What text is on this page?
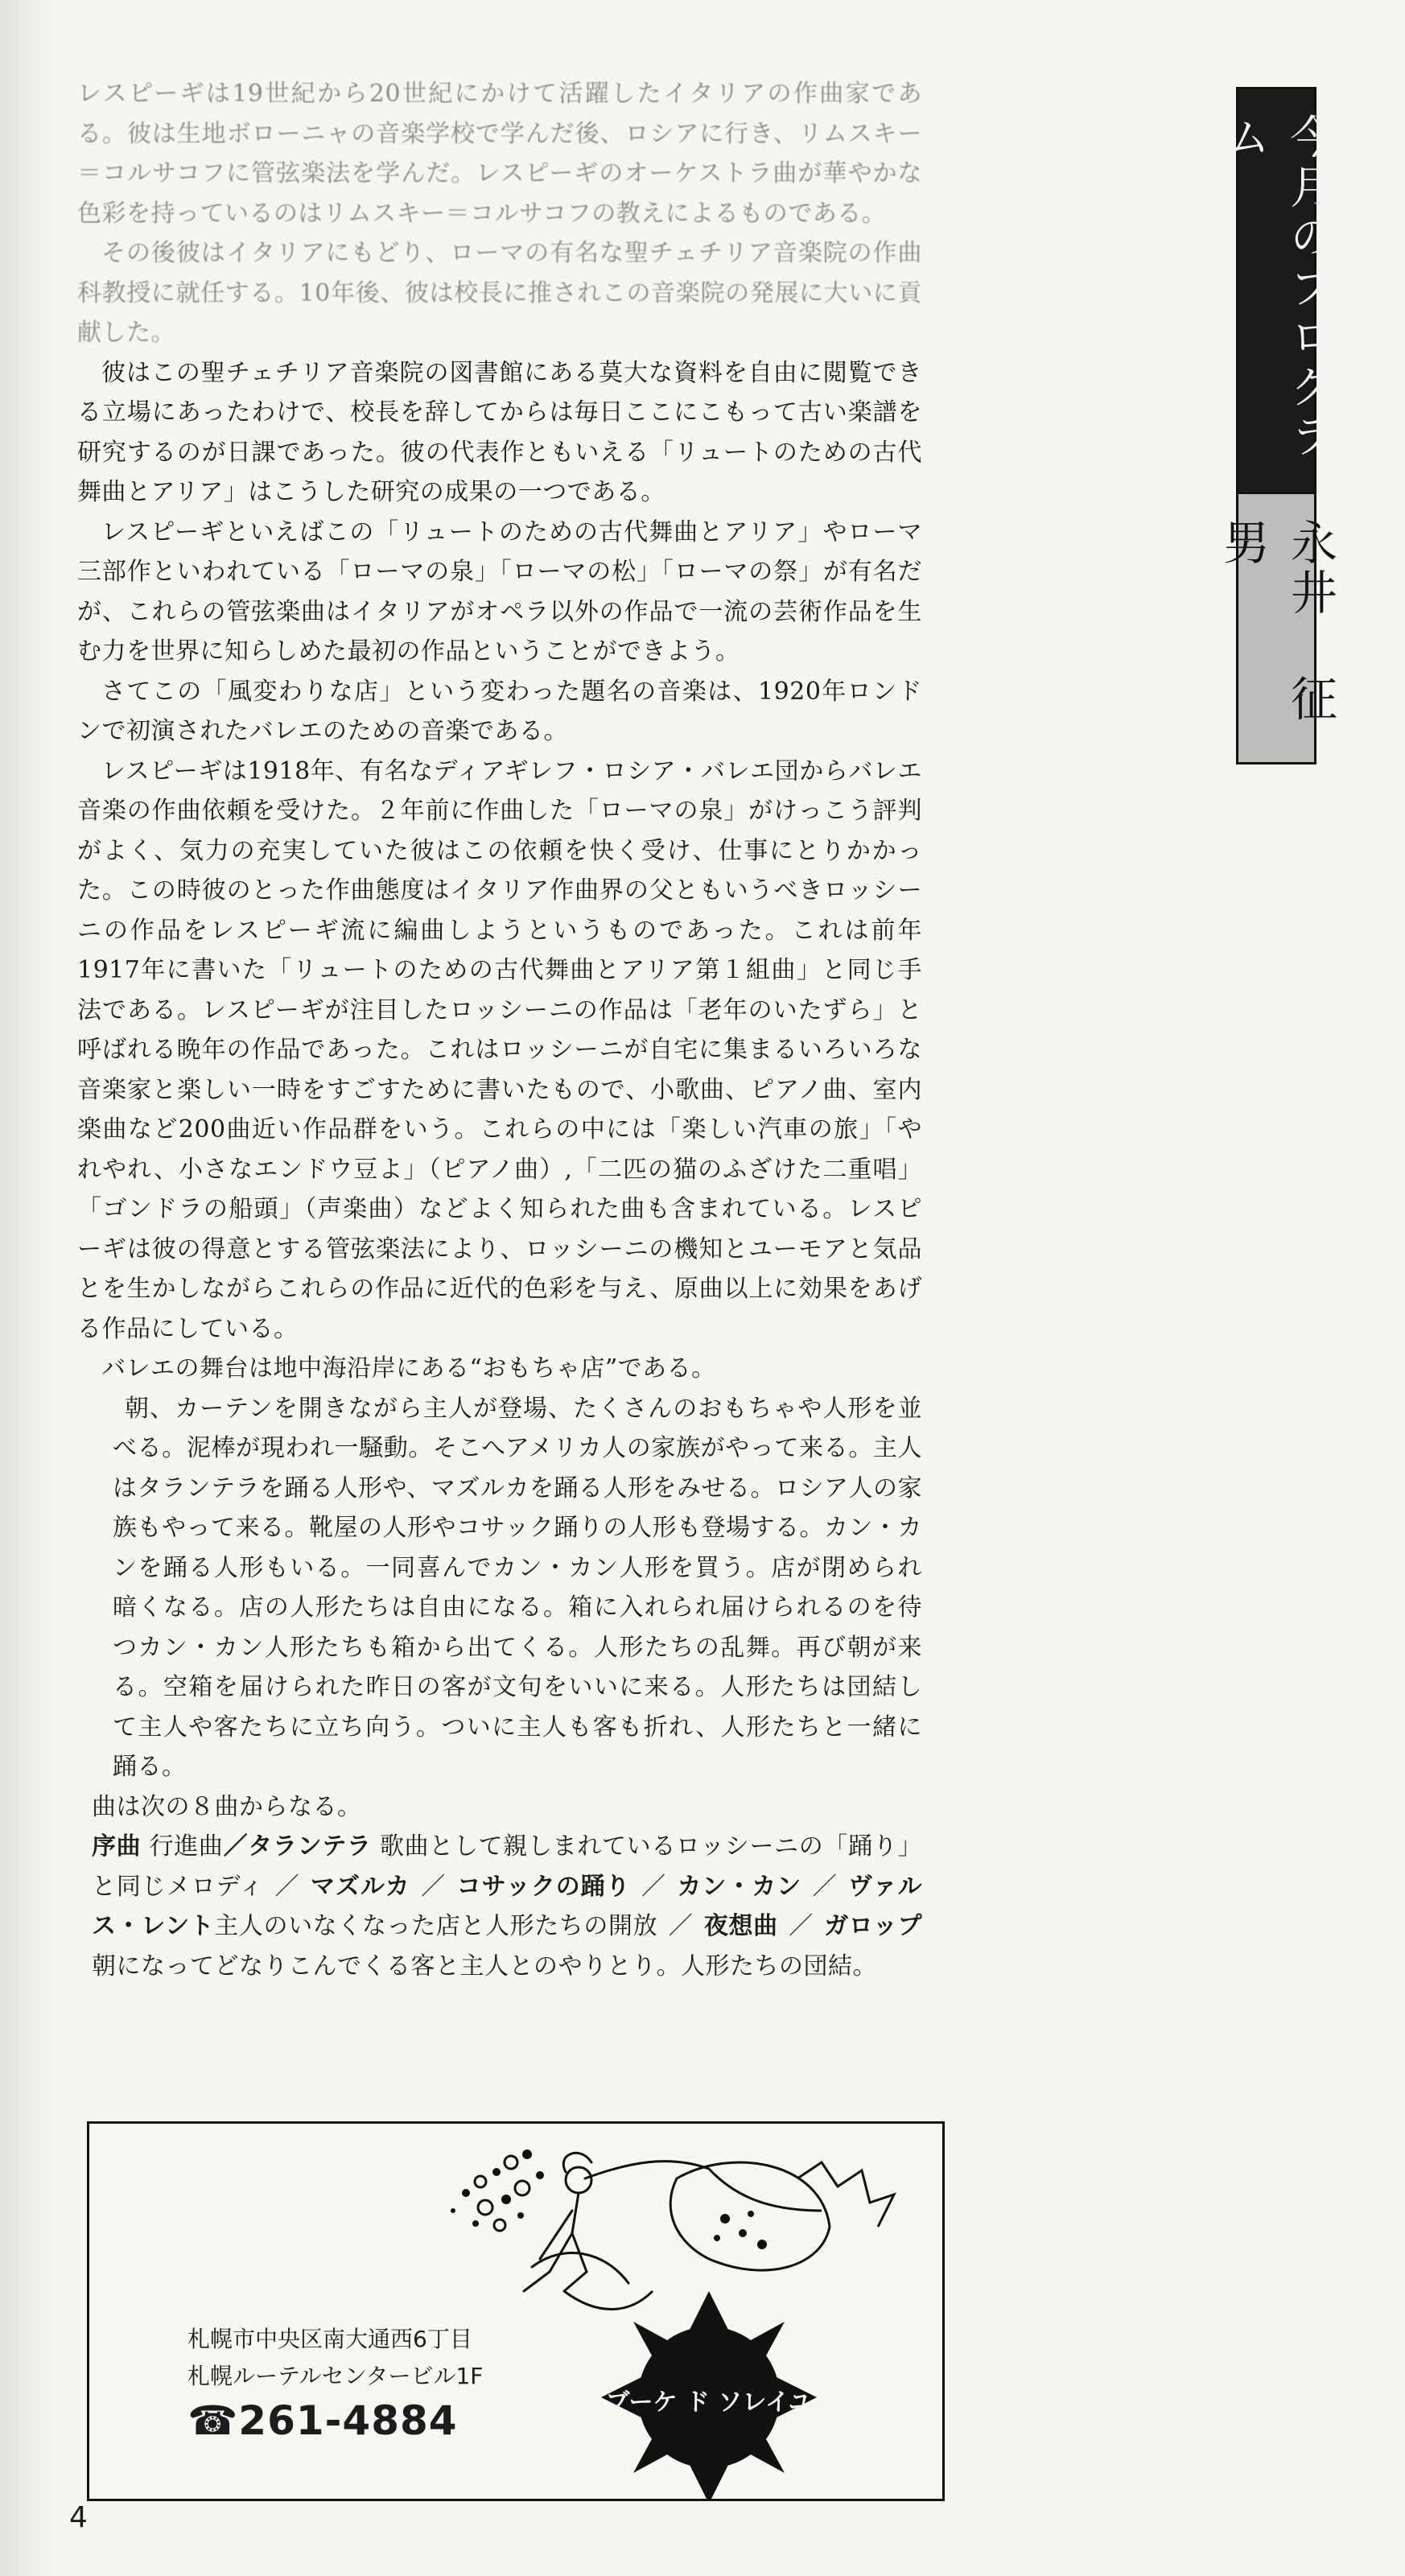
レスピーギは19世紀から20世紀にかけて活躍したイタリアの作曲家である。彼は生地ボローニャの音楽学校で学んだ後、ロシアに行き、リムスキー＝コルサコフに管弦楽法を学んだ。レスピーギのオーケストラ曲が華やかな色彩を持っているのはリムスキー＝コルサコフの教えによるものである。

その後彼はイタリアにもどり、ローマの有名な聖チェチリア音楽院の作曲科教授に就任する。10年後、彼は校長に推されこの音楽院の発展に大いに貢献した。

彼はこの聖チェチリア音楽院の図書館にある莫大な資料を自由に閲覧できる立場にあったわけで、校長を辞してからは毎日ここにこもって古い楽譜を研究するのが日課であった。彼の代表作ともいえる「リュートのための古代舞曲とアリア」はこうした研究の成果の一つである。

レスピーギといえばこの「リュートのための古代舞曲とアリア」やローマ三部作といわれている「ローマの泉」「ローマの松」「ローマの祭」が有名だが、これらの管弦楽曲はイタリアがオペラ以外の作品で一流の芸術作品を生む力を世界に知らしめた最初の作品ということができよう。

さてこの「風変わりな店」という変わった題名の音楽は、1920年ロンドンで初演されたバレエのための音楽である。

レスピーギは1918年、有名なディアギレフ・ロシア・バレエ団からバレエ音楽の作曲依頼を受けた。２年前に作曲した「ローマの泉」がけっこう評判がよく、気力の充実していた彼はこの依頼を快く受け、仕事にとりかかった。この時彼のとった作曲態度はイタリア作曲界の父ともいうべきロッシーニの作品をレスピーギ流に編曲しようというものであった。これは前年1917年に書いた「リュートのための古代舞曲とアリア第１組曲」と同じ手法である。レスピーギが注目したロッシーニの作品は「老年のいたずら」と呼ばれる晩年の作品であった。これはロッシーニが自宅に集まるいろいろな音楽家と楽しい一時をすごすために書いたもので、小歌曲、ピアノ曲、室内楽曲など200曲近い作品群をいう。これらの中には「楽しい汽車の旅」「やれやれ、小さなエンドウ豆よ」（ピアノ曲）,「二匹の猫のふざけた二重唱」「ゴンドラの船頭」（声楽曲）などよく知られた曲も含まれている。レスピーギは彼の得意とする管弦楽法により、ロッシーニの機知とユーモアと気品とを生かしながらこれらの作品に近代的色彩を与え、原曲以上に効果をあげる作品にしている。

バレエの舞台は地中海沿岸にある“おもちゃ店”である。

朝、カーテンを開きながら主人が登場、たくさんのおもちゃや人形を並べる。泥棒が現われ一騒動。そこへアメリカ人の家族がやって来る。主人はタランテラを踊る人形や、マズルカを踊る人形をみせる。ロシア人の家族もやって来る。靴屋の人形やコサック踊りの人形も登場する。カン・カンを踊る人形もいる。一同喜んでカン・カン人形を買う。店が閉められ暗くなる。店の人形たちは自由になる。箱に入れられ届けられるのを待つカン・カン人形たちも箱から出てくる。人形たちの乱舞。再び朝が来る。空箱を届けられた昨日の客が文句をいいに来る。人形たちは団結して主人や客たちに立ち向う。ついに主人も客も折れ、人形たちと一緒に踊る。

曲は次の８曲からなる。

序曲 行進曲／タランテラ 歌曲として親しまれているロッシーニの「踊り」と同じメロディ ／ マズルカ ／ コサックの踊り ／ カン・カン ／ ヴァルス・レント主人のいなくなった店と人形たちの開放 ／ 夜想曲 ／ ガロップ 朝になってどなりこんでくる客と主人とのやりとり。人形たちの団結。

今月のプログラム
永井征男
札幌市中央区南大通西6丁目
札幌ルーテルセンタービル1F
☎261-4884	ブーケ ド ソレイユ
4
